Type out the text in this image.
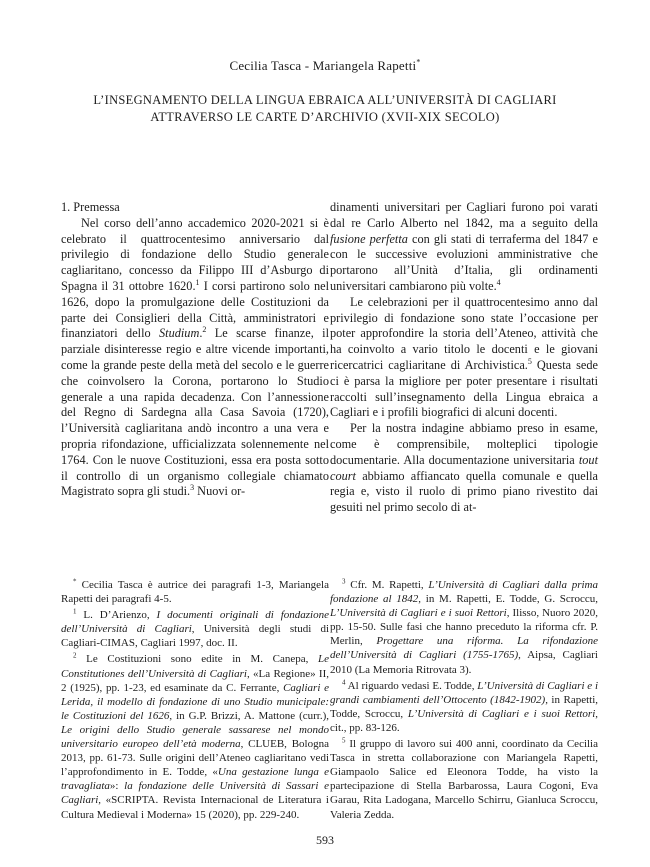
Cecilia Tasca - Mariangela Rapetti*
L’INSEGNAMENTO DELLA LINGUA EBRAICA ALL’UNIVERSITÀ DI CAGLIARI
ATTRAVERSO LE CARTE D’ARCHIVIO (XVII-XIX SECOLO)

1. Premessa

Nel corso dell’anno accademico 2020-2021 si è celebrato il quattrocentesimo anniversario dal privilegio di fondazione dello Studio generale cagliaritano, concesso da Filippo III d’Asburgo di Spagna il 31 ottobre 1620.$^1$ I corsi partirono solo nel 1626, dopo la promulgazione delle Costituzioni da parte dei Consiglieri della Città, amministratori e finanziatori dello Studium.$^2$ Le scarse finanze, il parziale disinteresse regio e altre vicende importanti, come la grande peste della metà del secolo e le guerre che coinvolsero la Corona, portarono lo Studio generale a una rapida decadenza. Con l’annessione del Regno di Sardegna alla Casa Savoia (1720), l’Università cagliaritana andò incontro a una vera e propria rifondazione, ufficializzata solennemente nel 1764. Con le nuove Costituzioni, essa era posta sotto il controllo di un organismo collegiale chiamato Magistrato sopra gli studi.$^3$ Nuovi or-

dinamenti universitari per Cagliari furono poi varati dal re Carlo Alberto nel 1842, ma a seguito della fusione perfetta con gli stati di terraferma del 1847 e con le successive evoluzioni amministrative che portarono all’Unità d’Italia, gli ordinamenti universitari cambiarono più volte.$^4$

Le celebrazioni per il quattrocentesimo anno dal privilegio di fondazione sono state l’occasione per poter approfondire la storia dell’Ateneo, attività che ha coinvolto a vario titolo le docenti e le giovani ricercatrici cagliaritane di Archivistica.$^5$ Questa sede ci è parsa la migliore per poter presentare i risultati raccolti sull’insegnamento della Lingua ebraica a Cagliari e i profili biografici di alcuni docenti.

Per la nostra indagine abbiamo preso in esame, come è comprensibile, molteplici tipologie documentarie. Alla documentazione universitaria tout court abbiamo affiancato quella comunale e quella regia e, visto il ruolo di primo piano rivestito dai gesuiti nel primo secolo di at-

* Cecilia Tasca è autrice dei paragrafi 1-3, Mariangela Rapetti dei paragrafi 4-5.

$^1$ L. D’Arienzo, I documenti originali di fondazione dell’Università di Cagliari, Università degli studi di Cagliari-CIMAS, Cagliari 1997, doc. II.

$^2$ Le Costituzioni sono edite in M. Canepa, Le Constitutiones dell’Università di Cagliari, «La Regione» II, 2 (1925), pp. 1-23, ed esaminate da C. Ferrante, Cagliari e Lerida, il modello di fondazione di uno Studio municipale: le Costituzioni del 1626, in G.P. Brizzi, A. Mattone (curr.), Le origini dello Studio generale sassarese nel mondo universitario europeo dell’età moderna, CLUEB, Bologna 2013, pp. 61-73. Sulle origini dell’Ateneo cagliaritano vedi l’approfondimento in E. Todde, «Una gestazione lunga e travagliata»: la fondazione delle Università di Sassari e Cagliari, «SCRIPTA. Revista Internacional de Literatura i Cultura Medieval i Moderna» 15 (2020), pp. 229-240.

$^3$ Cfr. M. Rapetti, L’Università di Cagliari dalla prima fondazione al 1842, in M. Rapetti, E. Todde, G. Scroccu, L’Università di Cagliari e i suoi Rettori, Ilisso, Nuoro 2020, pp. 15-50. Sulle fasi che hanno preceduto la riforma cfr. P. Merlin, Progettare una riforma. La rifondazione dell’Università di Cagliari (1755-1765), Aipsa, Cagliari 2010 (La Memoria Ritrovata 3).

$^4$ Al riguardo vedasi E. Todde, L’Università di Cagliari e i grandi cambiamenti dell’Ottocento (1842-1902), in Rapetti, Todde, Scroccu, L’Università di Cagliari e i suoi Rettori, cit., pp. 83-126.

$^5$ Il gruppo di lavoro sui 400 anni, coordinato da Cecilia Tasca in stretta collaborazione con Mariangela Rapetti, Giampaolo Salice ed Eleonora Todde, ha visto la partecipazione di Stella Barbarossa, Laura Cogoni, Eva Garau, Rita Ladogana, Marcello Schirru, Gianluca Scroccu, Valeria Zedda.

593
